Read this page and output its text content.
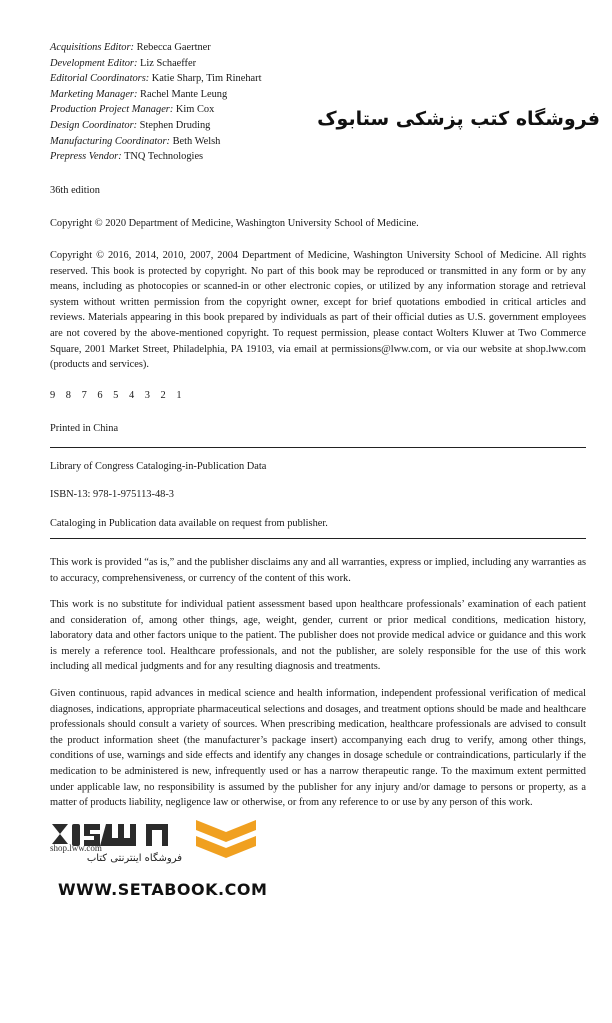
Acquisitions Editor: Rebecca Gaertner
Development Editor: Liz Schaeffer
Editorial Coordinators: Katie Sharp, Tim Rinehart
Marketing Manager: Rachel Mante Leung
Production Project Manager: Kim Cox
Design Coordinator: Stephen Druding
Manufacturing Coordinator: Beth Welsh
Prepress Vendor: TNQ Technologies
فروشگاه کتب پزشکی ستابوک
36th edition
Copyright © 2020 Department of Medicine, Washington University School of Medicine.
Copyright © 2016, 2014, 2010, 2007, 2004 Department of Medicine, Washington University School of Medicine. All rights reserved. This book is protected by copyright. No part of this book may be reproduced or transmitted in any form or by any means, including as photocopies or scanned-in or other electronic copies, or utilized by any information storage and retrieval system without written permission from the copyright owner, except for brief quotations embodied in critical articles and reviews. Materials appearing in this book prepared by individuals as part of their official duties as U.S. government employees are not covered by the above-mentioned copyright. To request permission, please contact Wolters Kluwer at Two Commerce Square, 2001 Market Street, Philadelphia, PA 19103, via email at permissions@lww.com, or via our website at shop.lww.com (products and services).
9 8 7 6 5 4 3 2 1
Printed in China
Library of Congress Cataloging-in-Publication Data
ISBN-13: 978-1-975113-48-3
Cataloging in Publication data available on request from publisher.
This work is provided “as is,” and the publisher disclaims any and all warranties, express or implied, including any warranties as to accuracy, comprehensiveness, or currency of the content of this work.
This work is no substitute for individual patient assessment based upon healthcare professionals’ examination of each patient and consideration of, among other things, age, weight, gender, current or prior medical conditions, medication history, laboratory data and other factors unique to the patient. The publisher does not provide medical advice or guidance and this work is merely a reference tool. Healthcare professionals, and not the publisher, are solely responsible for the use of this work including all medical judgments and for any resulting diagnosis and treatments.
Given continuous, rapid advances in medical science and health information, independent professional verification of medical diagnoses, indications, appropriate pharmaceutical selections and dosages, and treatment options should be made and healthcare professionals should consult a variety of sources. When prescribing medication, healthcare professionals are advised to consult the product information sheet (the manufacturer’s package insert) accompanying each drug to verify, among other things, conditions of use, warnings and side effects and identify any changes in dosage schedule or contraindications, particularly if the medication to be administered is new, infrequently used or has a narrow therapeutic range. To the maximum extent permitted under applicable law, no responsibility is assumed by the publisher for any injury and/or damage to persons or property, as a matter of products liability, negligence law or otherwise, or from any reference to or use by any person of this work.
shop.lww.com
فروشگاه اینترنتی کتاب
WWW.SETABOOK.COM
